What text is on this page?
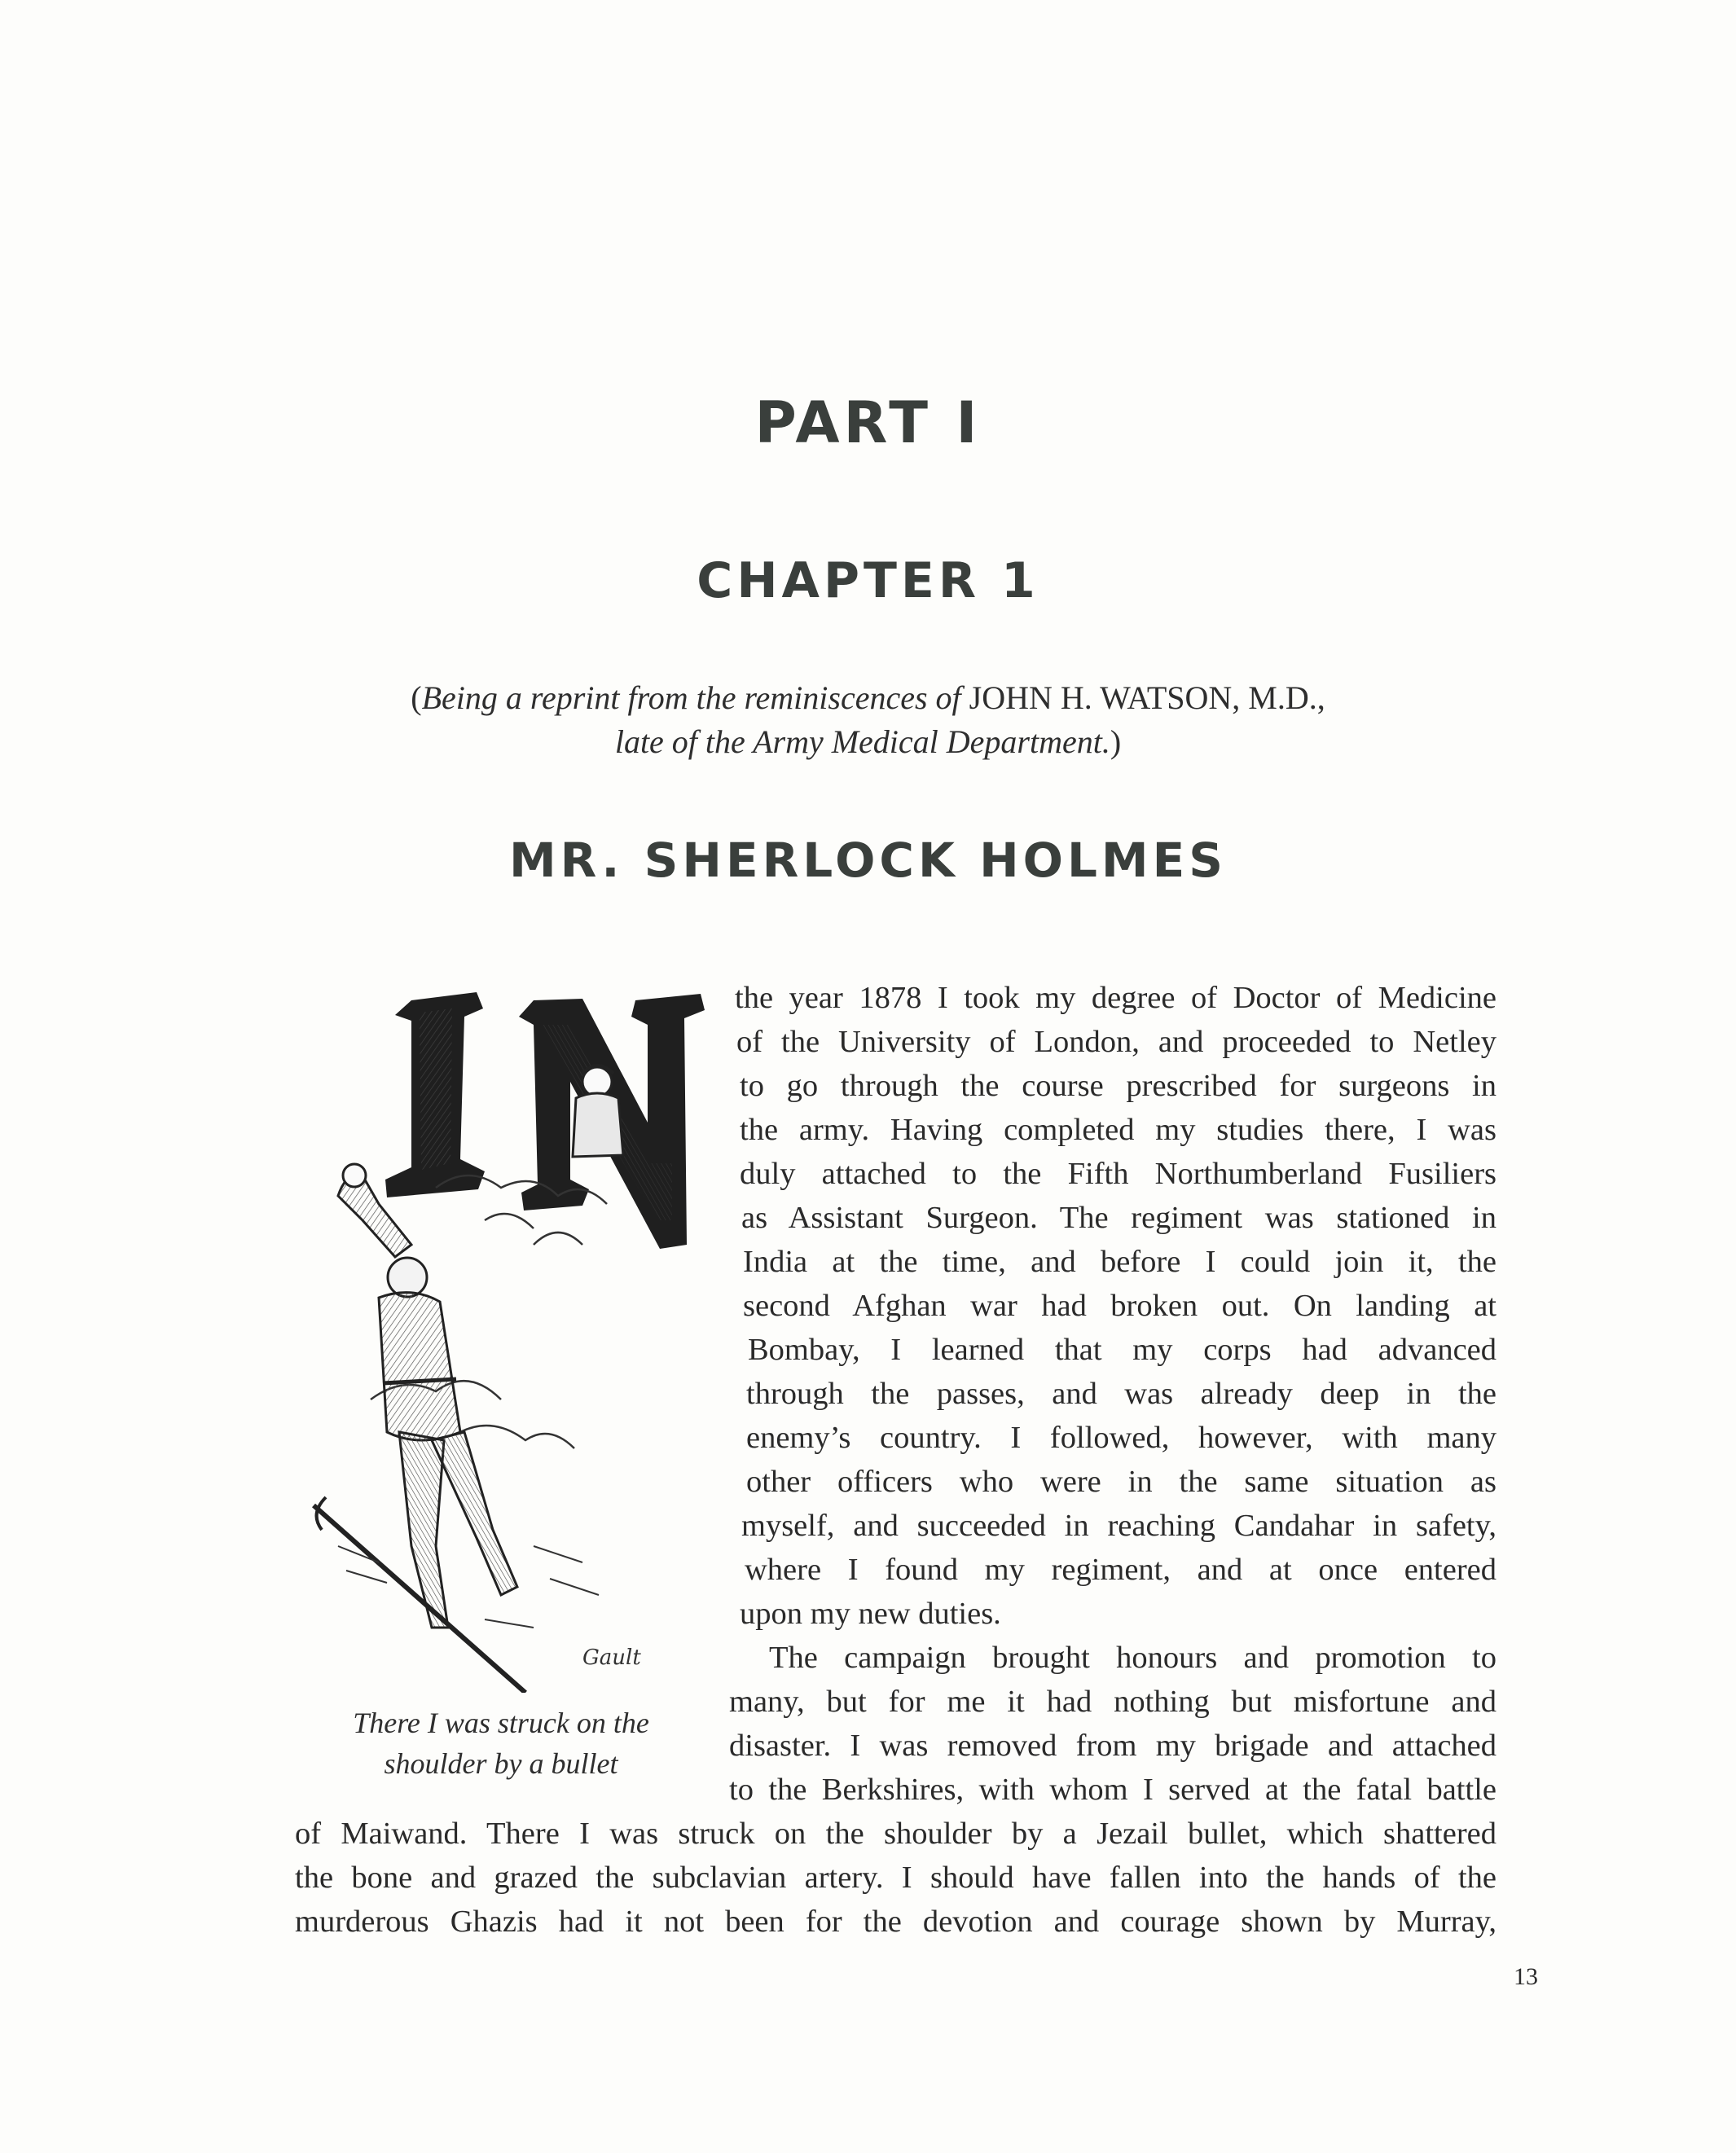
PART I
CHAPTER 1
(Being a reprint from the reminiscences of JOHN H. WATSON, M.D.,
late of the Army Medical Department.)
MR. SHERLOCK HOLMES
Gault
There I was struck on the
shoulder by a bullet
the year 1878 I took my degree of Doctor of Medicine
of the University of London, and proceeded to Netley
to go through the course prescribed for surgeons in
the army. Having completed my studies there, I was
duly attached to the Fifth Northumberland Fusiliers
as Assistant Surgeon. The regiment was stationed in
India at the time, and before I could join it, the
second Afghan war had broken out. On landing at
Bombay, I learned that my corps had advanced
through the passes, and was already deep in the
enemy’s country. I followed, however, with many
other officers who were in the same situation as
myself, and succeeded in reaching Candahar in safety,
where I found my regiment, and at once entered
upon my new duties.
The campaign brought honours and promotion to
many, but for me it had nothing but misfortune and
disaster. I was removed from my brigade and attached
to the Berkshires, with whom I served at the fatal battle
of Maiwand. There I was struck on the shoulder by a Jezail bullet, which shattered
the bone and grazed the subclavian artery. I should have fallen into the hands of the
murderous Ghazis had it not been for the devotion and courage shown by Murray,
13
